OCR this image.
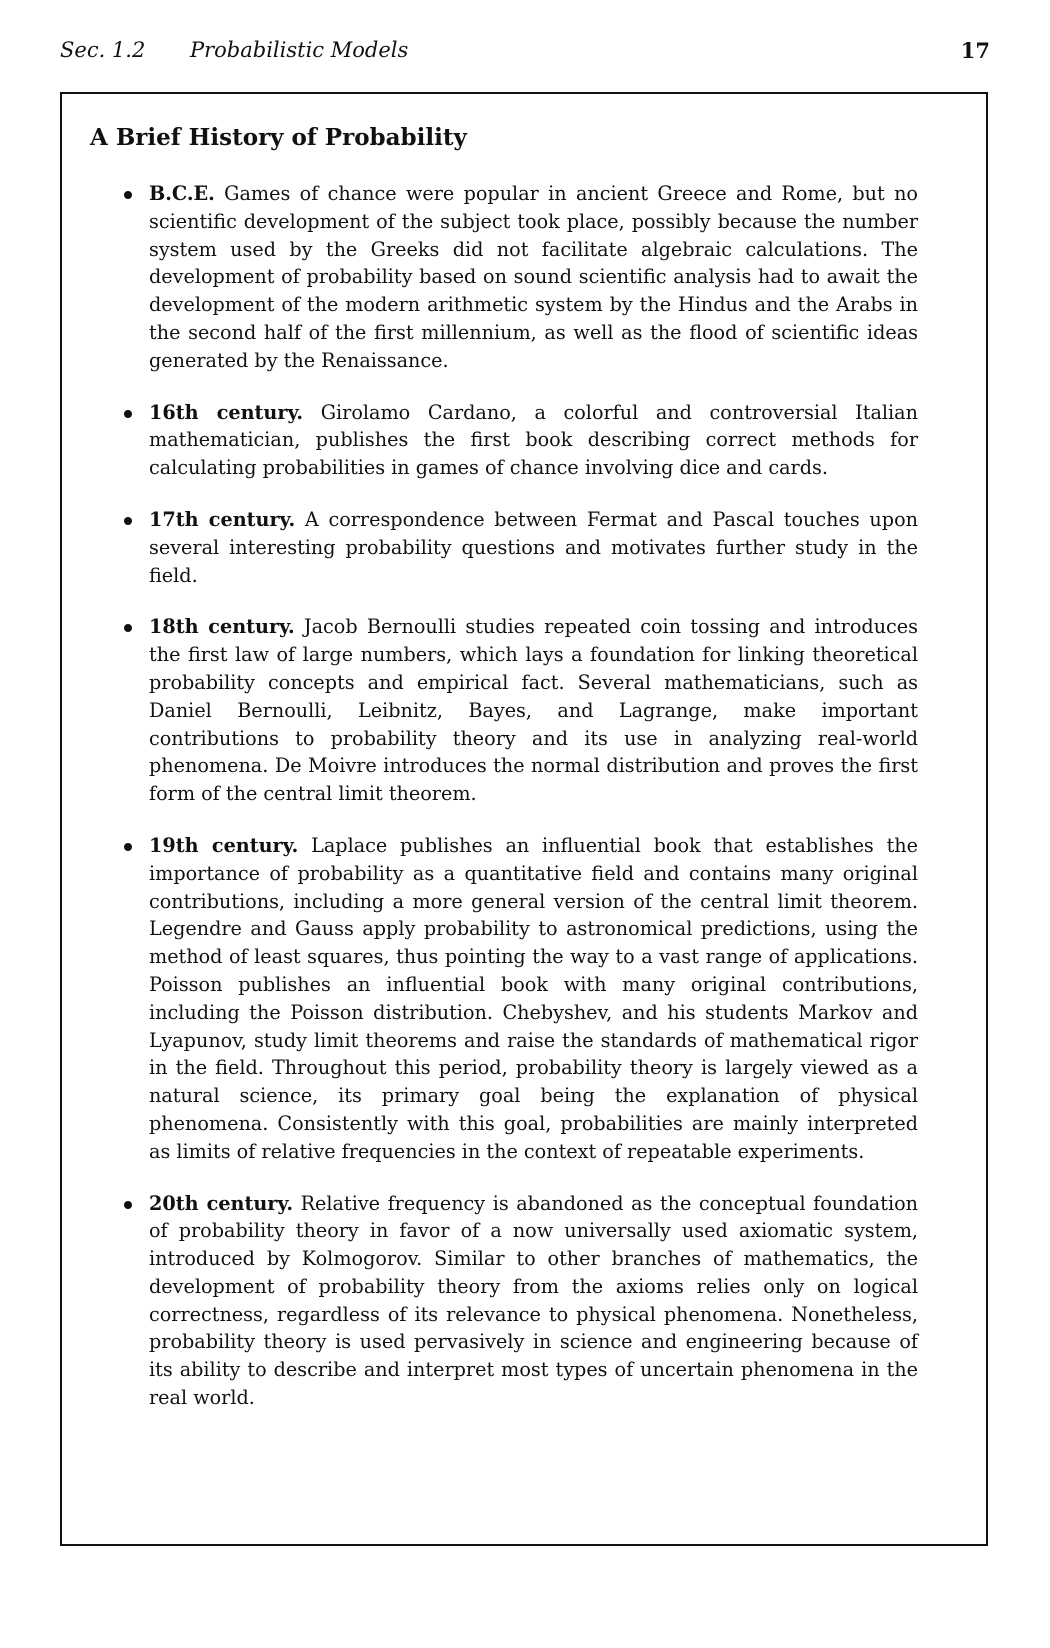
Sec. 1.2 Probabilistic Models	17
A Brief History of Probability
B.C.E. Games of chance were popular in ancient Greece and Rome, but no scientific development of the subject took place, possibly because the number system used by the Greeks did not facilitate algebraic calculations. The development of probability based on sound scientific analysis had to await the development of the modern arithmetic system by the Hindus and the Arabs in the second half of the first millennium, as well as the flood of scientific ideas generated by the Renaissance.
16th century. Girolamo Cardano, a colorful and controversial Italian mathematician, publishes the first book describing correct methods for calculating probabilities in games of chance involving dice and cards.
17th century. A correspondence between Fermat and Pascal touches upon several interesting probability questions and motivates further study in the field.
18th century. Jacob Bernoulli studies repeated coin tossing and introduces the first law of large numbers, which lays a foundation for linking theoretical probability concepts and empirical fact. Several mathematicians, such as Daniel Bernoulli, Leibnitz, Bayes, and Lagrange, make important contributions to probability theory and its use in analyzing real-world phenomena. De Moivre introduces the normal distribution and proves the first form of the central limit theorem.
19th century. Laplace publishes an influential book that establishes the importance of probability as a quantitative field and contains many original contributions, including a more general version of the central limit theorem. Legendre and Gauss apply probability to astronomical predictions, using the method of least squares, thus pointing the way to a vast range of applications. Poisson publishes an influential book with many original contributions, including the Poisson distribution. Chebyshev, and his students Markov and Lyapunov, study limit theorems and raise the standards of mathematical rigor in the field. Throughout this period, probability theory is largely viewed as a natural science, its primary goal being the explanation of physical phenomena. Consistently with this goal, probabilities are mainly interpreted as limits of relative frequencies in the context of repeatable experiments.
20th century. Relative frequency is abandoned as the conceptual foundation of probability theory in favor of a now universally used axiomatic system, introduced by Kolmogorov. Similar to other branches of mathematics, the development of probability theory from the axioms relies only on logical correctness, regardless of its relevance to physical phenomena. Nonetheless, probability theory is used pervasively in science and engineering because of its ability to describe and interpret most types of uncertain phenomena in the real world.
